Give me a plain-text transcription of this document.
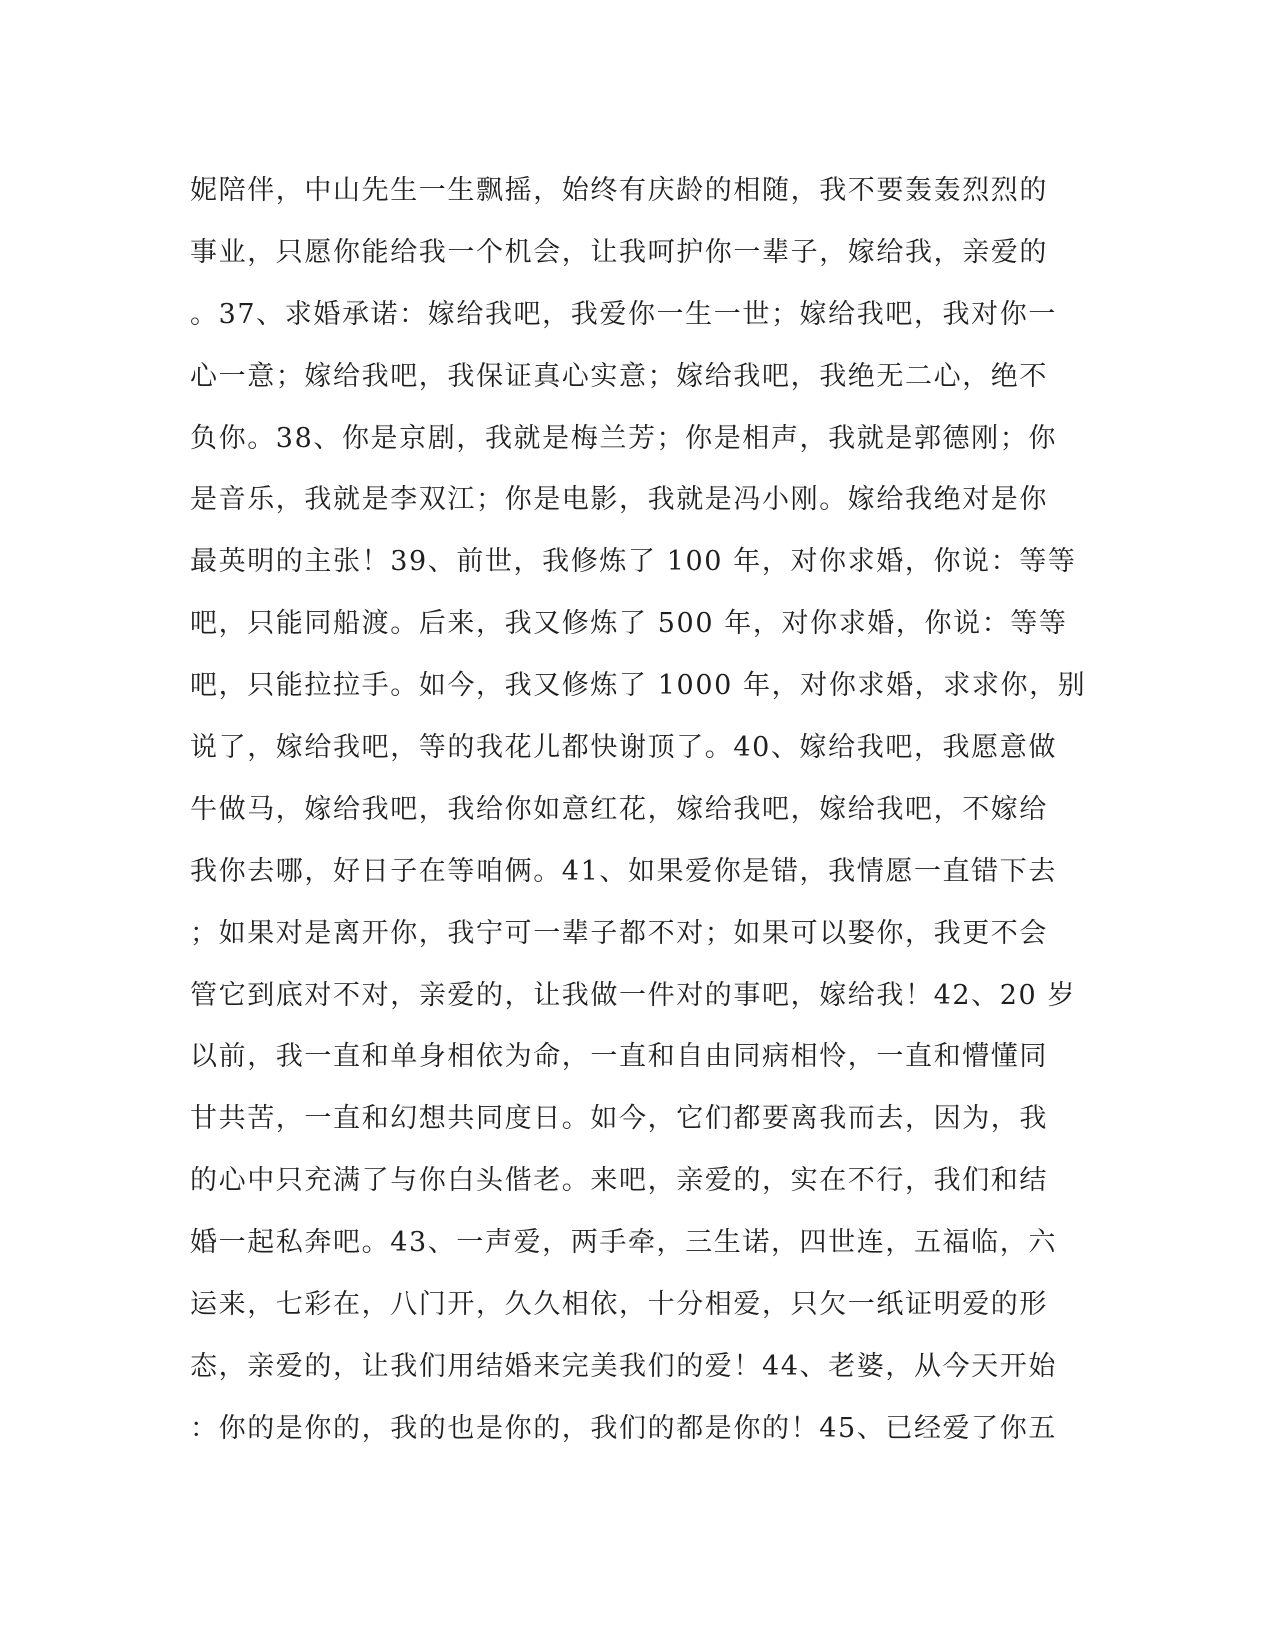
妮陪伴，中山先生一生飘摇，始终有庆龄的相随，我不要轰轰烈烈的
事业，只愿你能给我一个机会，让我呵护你一辈子，嫁给我，亲爱的
。37、求婚承诺：嫁给我吧，我爱你一生一世；嫁给我吧，我对你一
心一意；嫁给我吧，我保证真心实意；嫁给我吧，我绝无二心，绝不
负你。38、你是京剧，我就是梅兰芳；你是相声，我就是郭德刚；你
是音乐，我就是李双江；你是电影，我就是冯小刚。嫁给我绝对是你
最英明的主张！39、前世，我修炼了 100 年，对你求婚，你说：等等
吧，只能同船渡。后来，我又修炼了 500 年，对你求婚，你说：等等
吧，只能拉拉手。如今，我又修炼了 1000 年，对你求婚，求求你，别
说了，嫁给我吧，等的我花儿都快谢顶了。40、嫁给我吧，我愿意做
牛做马，嫁给我吧，我给你如意红花，嫁给我吧，嫁给我吧，不嫁给
我你去哪，好日子在等咱俩。41、如果爱你是错，我情愿一直错下去
；如果对是离开你，我宁可一辈子都不对；如果可以娶你，我更不会
管它到底对不对，亲爱的，让我做一件对的事吧，嫁给我！42、20 岁
以前，我一直和单身相依为命，一直和自由同病相怜，一直和懵懂同
甘共苦，一直和幻想共同度日。如今，它们都要离我而去，因为，我
的心中只充满了与你白头偕老。来吧，亲爱的，实在不行，我们和结
婚一起私奔吧。43、一声爱，两手牵，三生诺，四世连，五福临，六
运来，七彩在，八门开，久久相依，十分相爱，只欠一纸证明爱的形
态，亲爱的，让我们用结婚来完美我们的爱！44、老婆，从今天开始
：你的是你的，我的也是你的，我们的都是你的！45、已经爱了你五
